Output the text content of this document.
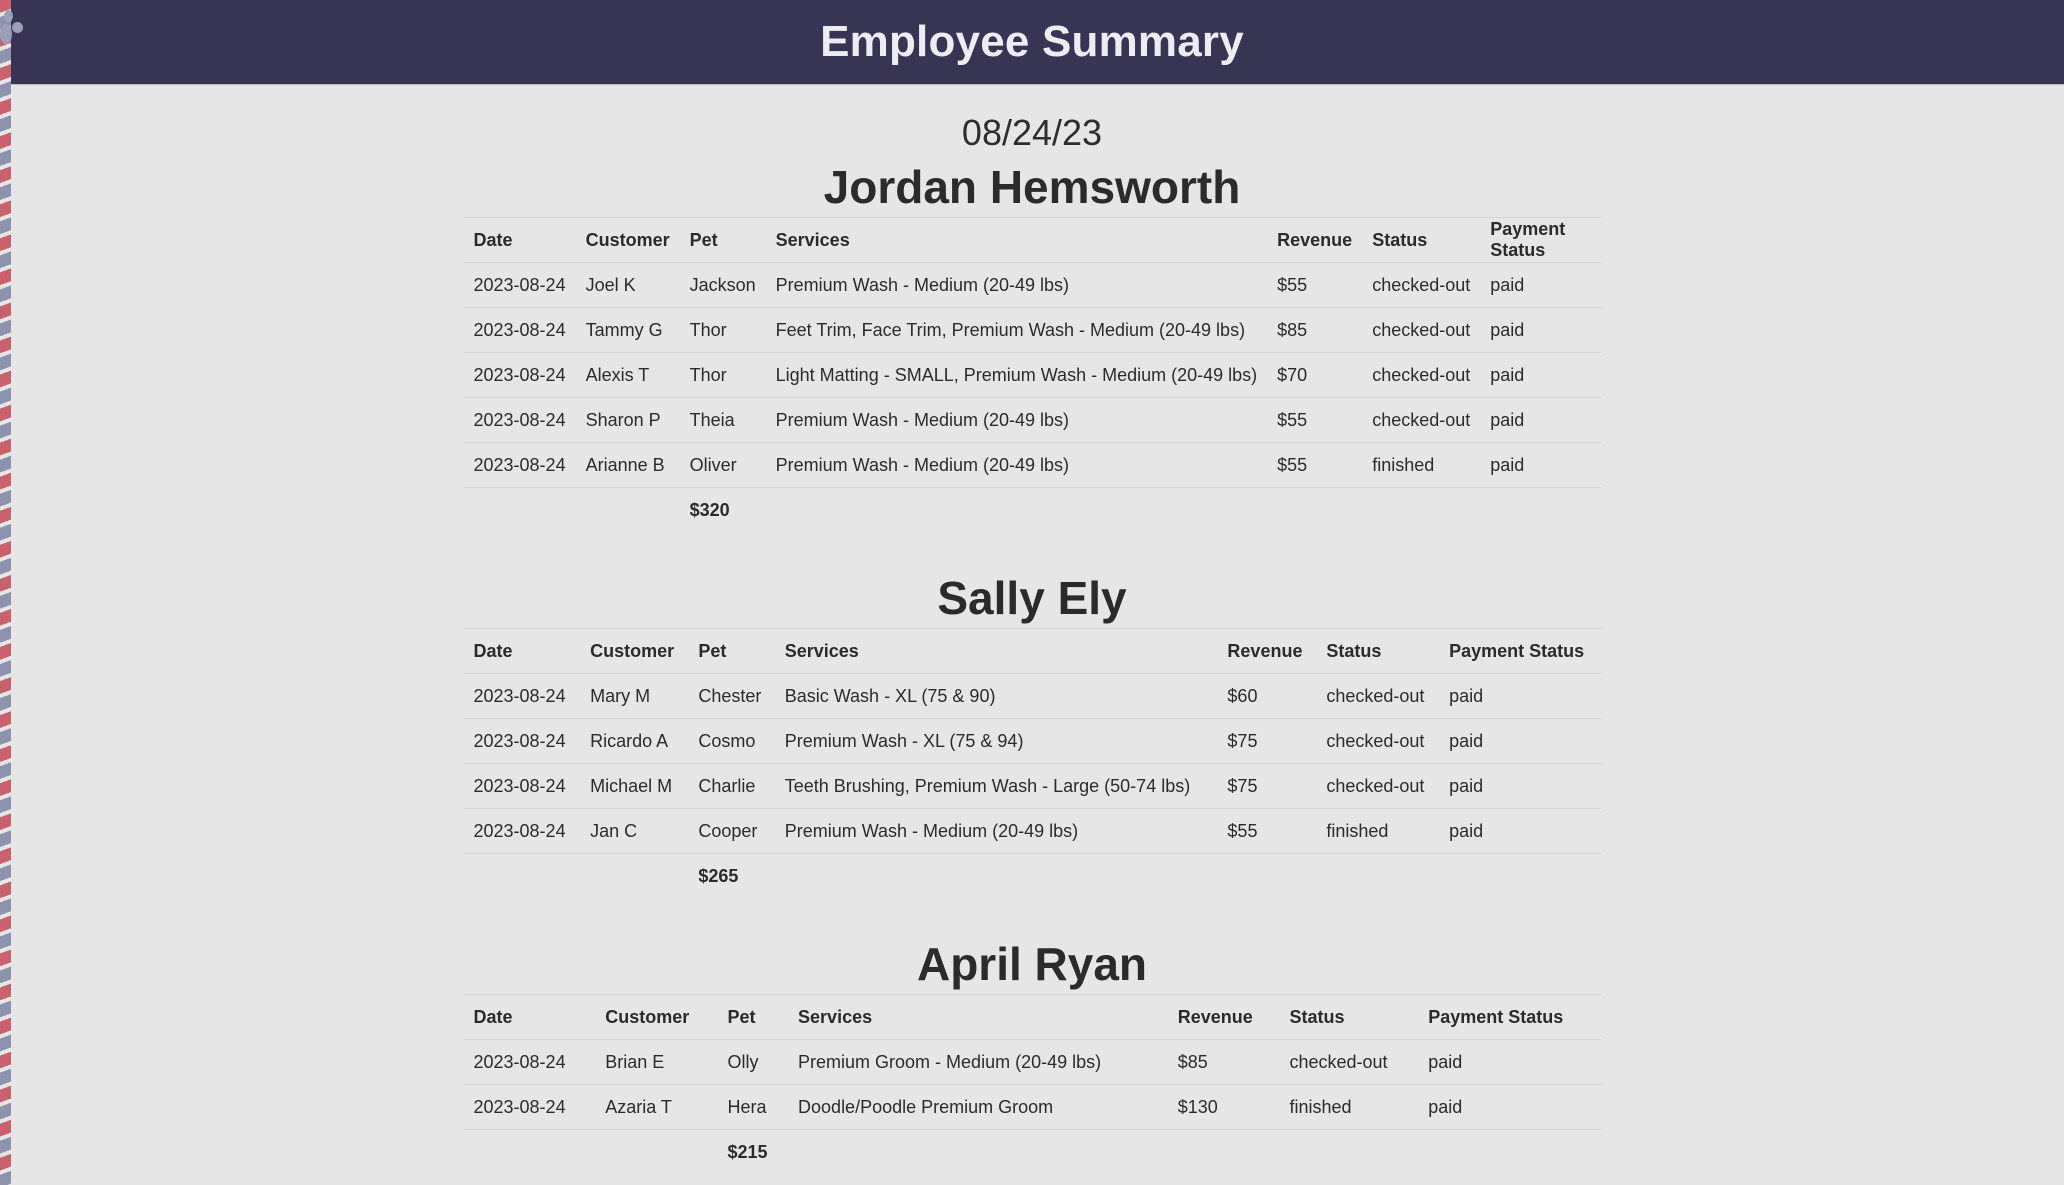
Employee Summary
08/24/23
Jordan Hemsworth
Date	Customer	Pet	Services	Revenue	Status	Payment Status
2023-08-24	Joel K	Jackson	Premium Wash - Medium (20-49 lbs)	$55	checked-out	paid
2023-08-24	Tammy G	Thor	Feet Trim, Face Trim, Premium Wash - Medium (20-49 lbs)	$85	checked-out	paid
2023-08-24	Alexis T	Thor	Light Matting - SMALL, Premium Wash - Medium (20-49 lbs)	$70	checked-out	paid
2023-08-24	Sharon P	Theia	Premium Wash - Medium (20-49 lbs)	$55	checked-out	paid
2023-08-24	Arianne B	Oliver	Premium Wash - Medium (20-49 lbs)	$55	finished	paid
		$320				
Sally Ely
Date	Customer	Pet	Services	Revenue	Status	Payment Status
2023-08-24	Mary M	Chester	Basic Wash - XL (75 & 90)	$60	checked-out	paid
2023-08-24	Ricardo A	Cosmo	Premium Wash - XL (75 & 94)	$75	checked-out	paid
2023-08-24	Michael M	Charlie	Teeth Brushing, Premium Wash - Large (50-74 lbs)	$75	checked-out	paid
2023-08-24	Jan C	Cooper	Premium Wash - Medium (20-49 lbs)	$55	finished	paid
		$265				
April Ryan
Date	Customer	Pet	Services	Revenue	Status	Payment Status
2023-08-24	Brian E	Olly	Premium Groom - Medium (20-49 lbs)	$85	checked-out	paid
2023-08-24	Azaria T	Hera	Doodle/Poodle Premium Groom	$130	finished	paid
		$215				
